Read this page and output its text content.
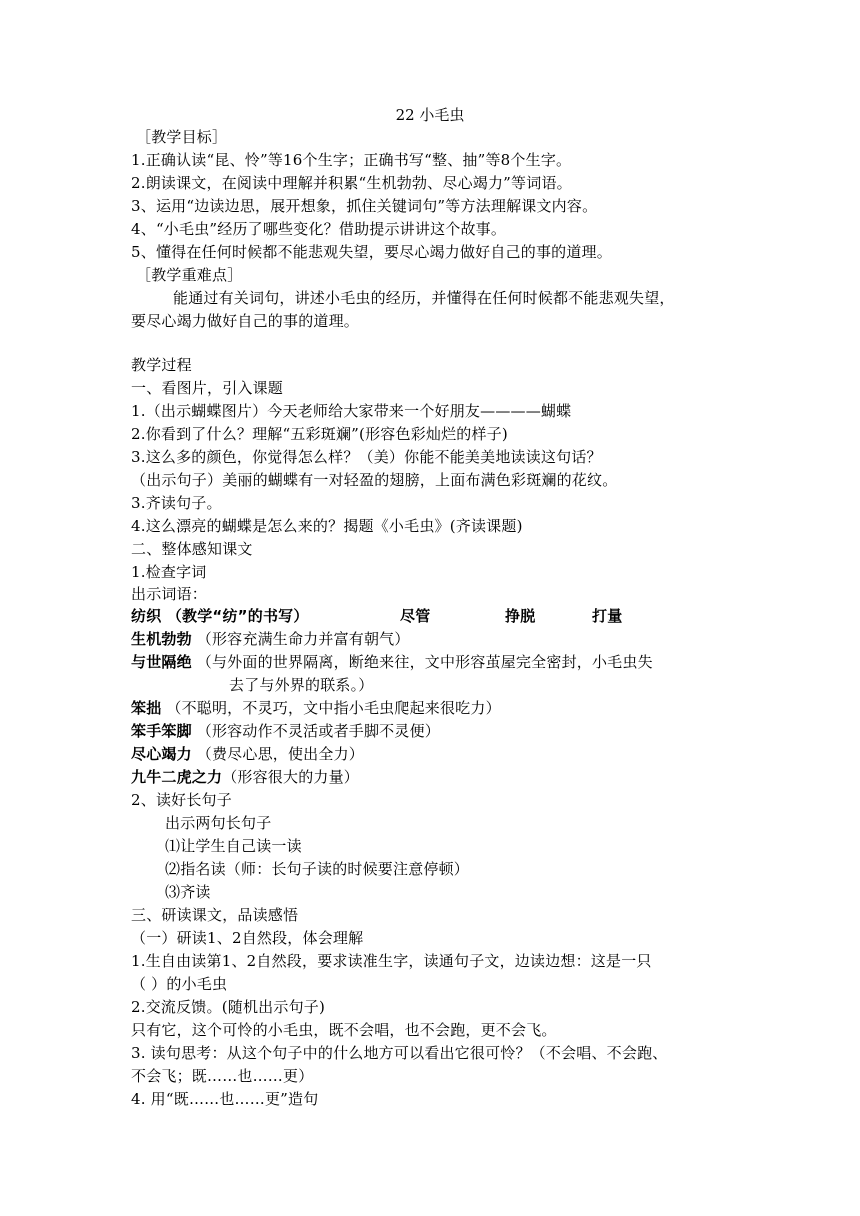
22 小毛虫
［教学目标］
1.正确认读“昆、怜”等16个生字；正确书写“整、抽”等8个生字。
2.朗读课文，在阅读中理解并积累“生机勃勃、尽心竭力”等词语。
3、运用“边读边思，展开想象，抓住关键词句”等方法理解课文内容。
4、“小毛虫”经历了哪些变化？借助提示讲讲这个故事。
5、懂得在任何时候都不能悲观失望，要尽心竭力做好自己的事的道理。
［教学重难点］
能通过有关词句，讲述小毛虫的经历，并懂得在任何时候都不能悲观失望，
要尽心竭力做好自己的事的道理。
教学过程
一、看图片，引入课题
1.（出示蝴蝶图片）今天老师给大家带来一个好朋友————蝴蝶
2.你看到了什么？理解“五彩斑斓”(形容色彩灿烂的样子)
3.这么多的颜色，你觉得怎么样？（美）你能不能美美地读读这句话？
（出示句子）美丽的蝴蝶有一对轻盈的翅膀，上面布满色彩斑斓的花纹。
3.齐读句子。
4.这么漂亮的蝴蝶是怎么来的？揭题《小毛虫》(齐读课题)
二、整体感知课文
1.检查字词
出示词语：
纺织 （教学“纺”的书写）	尽管	挣脱	打量
生机勃勃 （形容充满生命力并富有朝气）
与世隔绝 （与外面的世界隔离，断绝来往，文中形容茧屋完全密封，小毛虫失
去了与外界的联系。）
笨拙 （不聪明，不灵巧，文中指小毛虫爬起来很吃力）
笨手笨脚 （形容动作不灵活或者手脚不灵便）
尽心竭力 （费尽心思，使出全力）
九牛二虎之力（形容很大的力量）
2、读好长句子
出示两句长句子
⑴让学生自己读一读
⑵指名读（师：长句子读的时候要注意停顿）
⑶齐读
三、研读课文，品读感悟
（一）研读1、2自然段，体会理解
1.生自由读第1、2自然段，要求读准生字，读通句子文，边读边想：这是一只
（ ）的小毛虫
2.交流反馈。(随机出示句子)
只有它，这个可怜的小毛虫，既不会唱，也不会跑，更不会飞。
3. 读句思考：从这个句子中的什么地方可以看出它很可怜？（不会唱、不会跑、
不会飞；既……也……更）
4. 用“既……也……更”造句
